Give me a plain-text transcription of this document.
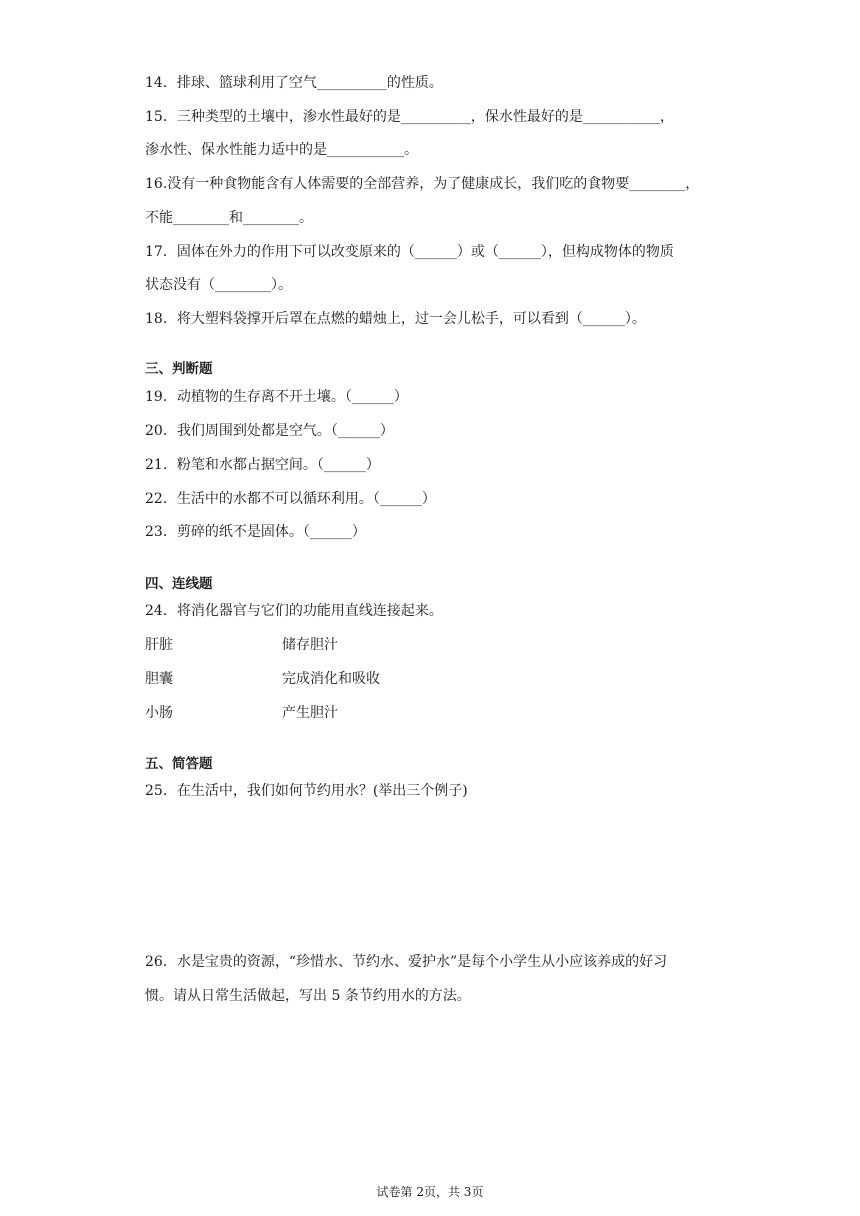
14．排球、篮球利用了空气__________的性质。
15．三种类型的土壤中，渗水性最好的是__________，保水性最好的是___________，
渗水性、保水性能力适中的是___________。
16.没有一种食物能含有人体需要的全部营养，为了健康成长，我们吃的食物要________，
不能________和________。
17．固体在外力的作用下可以改变原来的（______）或（______），但构成物体的物质
状态没有（________）。
18．将大塑料袋撑开后罩在点燃的蜡烛上，过一会儿松手，可以看到（______）。
三、判断题
19．动植物的生存离不开土壤。（______）
20．我们周围到处都是空气。（______）
21．粉笔和水都占据空间。（______）
22．生活中的水都不可以循环利用。（______）
23．剪碎的纸不是固体。（______）
四、连线题
24．将消化器官与它们的功能用直线连接起来。
肝脏	储存胆汁
胆囊	完成消化和吸收
小肠	产生胆汁
五、简答题
25．在生活中，我们如何节约用水？(举出三个例子)
26．水是宝贵的资源，“珍惜水、节约水、爱护水”是每个小学生从小应该养成的好习
惯。请从日常生活做起，写出 5 条节约用水的方法。
试卷第 2页，共 3页
